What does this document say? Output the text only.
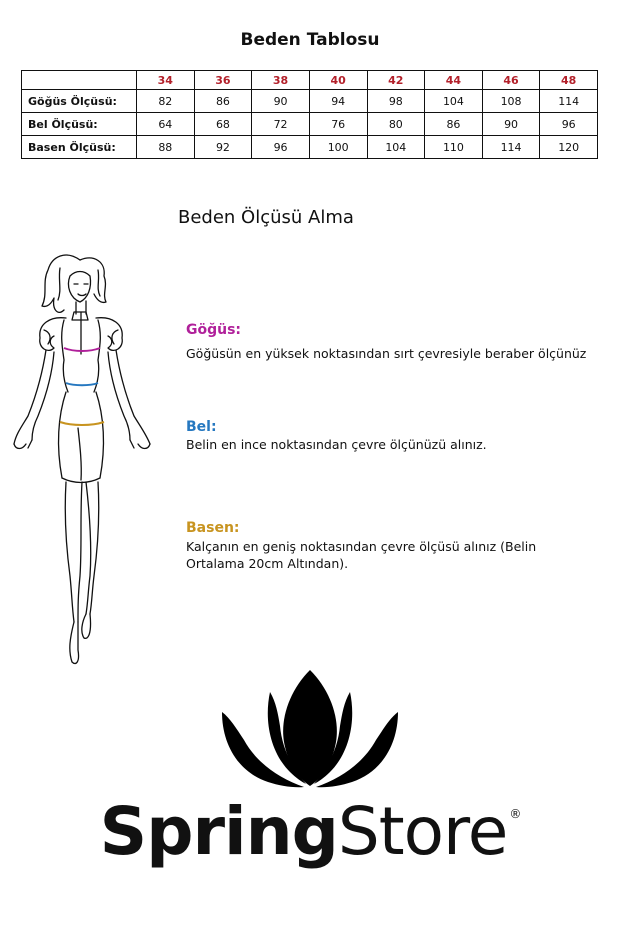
Beden Tablosu
	34	36	38	40	42	44	46	48
Göğüs Ölçüsü:	82	86	90	94	98	104	108	114
Bel Ölçüsü:	64	68	72	76	80	86	90	96
Basen Ölçüsü:	88	92	96	100	104	110	114	120
Beden Ölçüsü Alma
Göğüs:
Göğüsün en yüksek noktasından sırt çevresiyle beraber ölçünüz
Bel:
Belin en ince noktasından çevre ölçünüzü alınız.
Basen:
Kalçanın en geniş noktasından çevre ölçüsü alınız (Belin Ortalama 20cm Altından).
SpringStore ®
